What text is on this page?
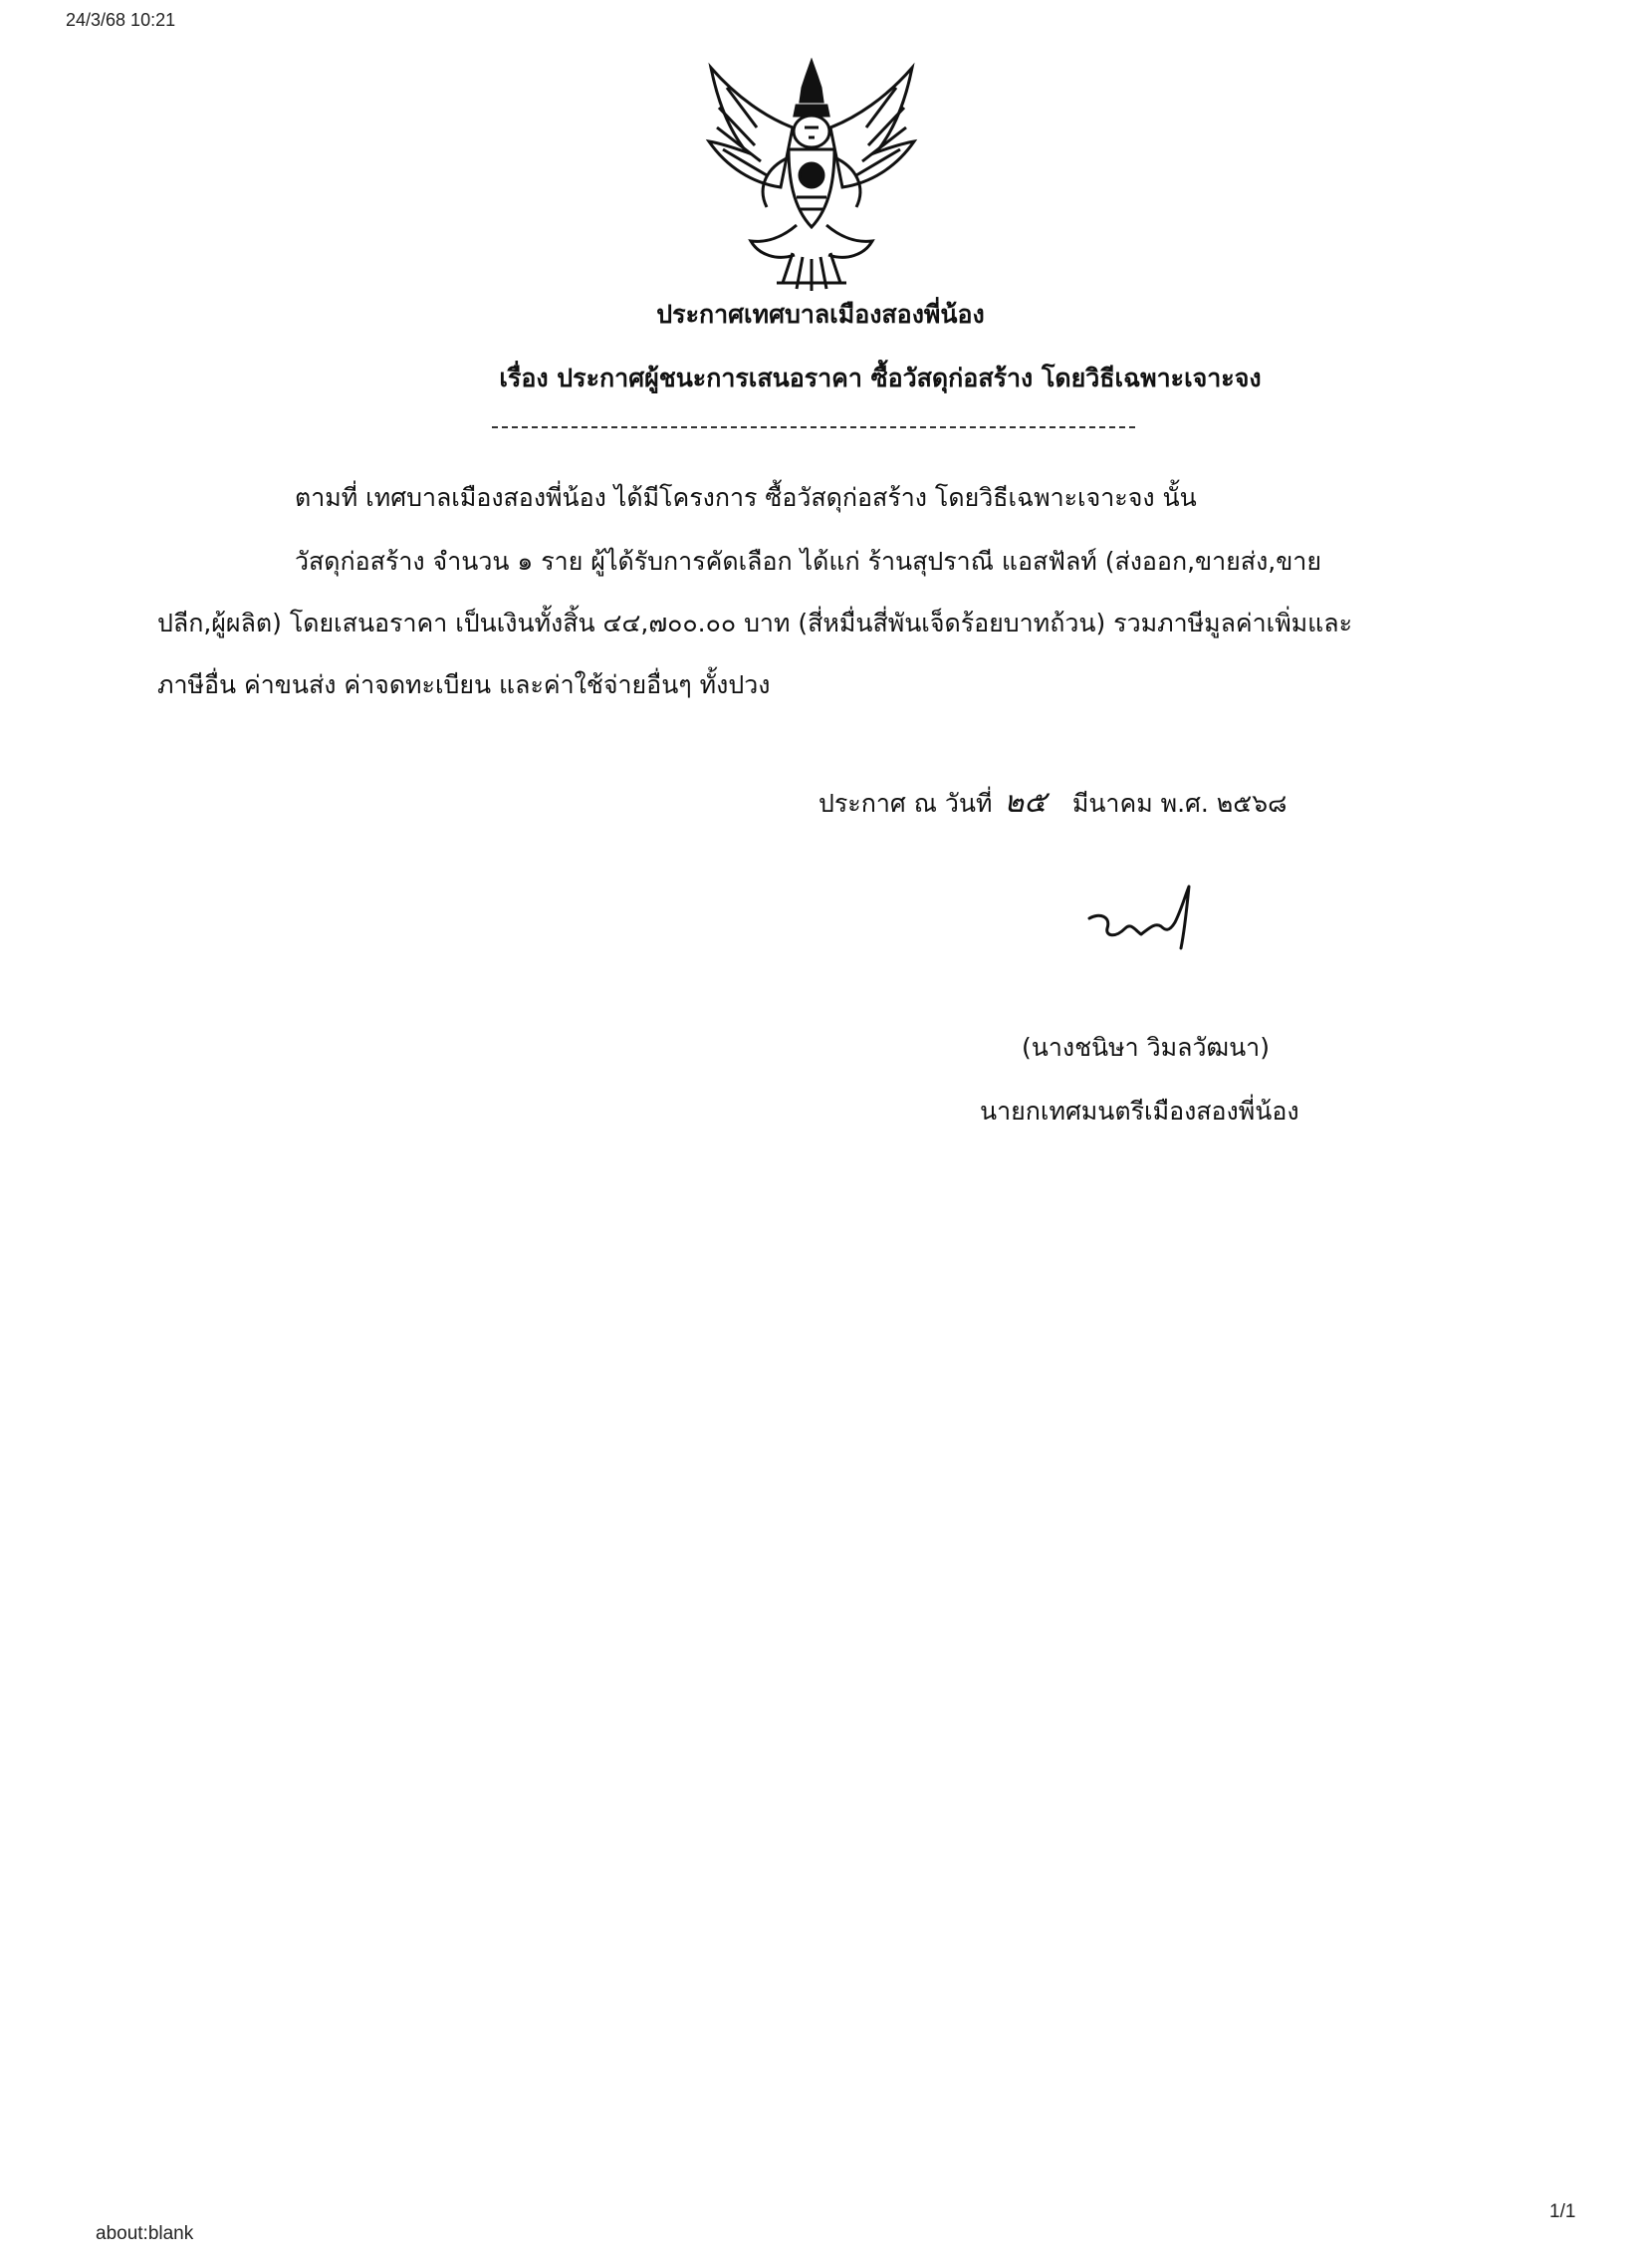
24/3/68 10:21
ประกาศเทศบาลเมืองสองพี่น้อง
เรื่อง ประกาศผู้ชนะการเสนอราคา ซื้อวัสดุก่อสร้าง โดยวิธีเฉพาะเจาะจง
ตามที่ เทศบาลเมืองสองพี่น้อง ได้มีโครงการ ซื้อวัสดุก่อสร้าง โดยวิธีเฉพาะเจาะจง นั้น
วัสดุก่อสร้าง จำนวน ๑ ราย ผู้ได้รับการคัดเลือก ได้แก่ ร้านสุปราณี แอสฟัลท์ (ส่งออก,ขายส่ง,ขาย
ปลีก,ผู้ผลิต) โดยเสนอราคา เป็นเงินทั้งสิ้น ๔๔,๗๐๐.๐๐ บาท (สี่หมื่นสี่พันเจ็ดร้อยบาทถ้วน) รวมภาษีมูลค่าเพิ่มและ
ภาษีอื่น ค่าขนส่ง ค่าจดทะเบียน และค่าใช้จ่ายอื่นๆ ทั้งปวง
ประกาศ ณ วันที่ ๒๕ มีนาคม พ.ศ. ๒๕๖๘
(นางชนิษา วิมลวัฒนา)
นายกเทศมนตรีเมืองสองพี่น้อง
about:blank
1/1
